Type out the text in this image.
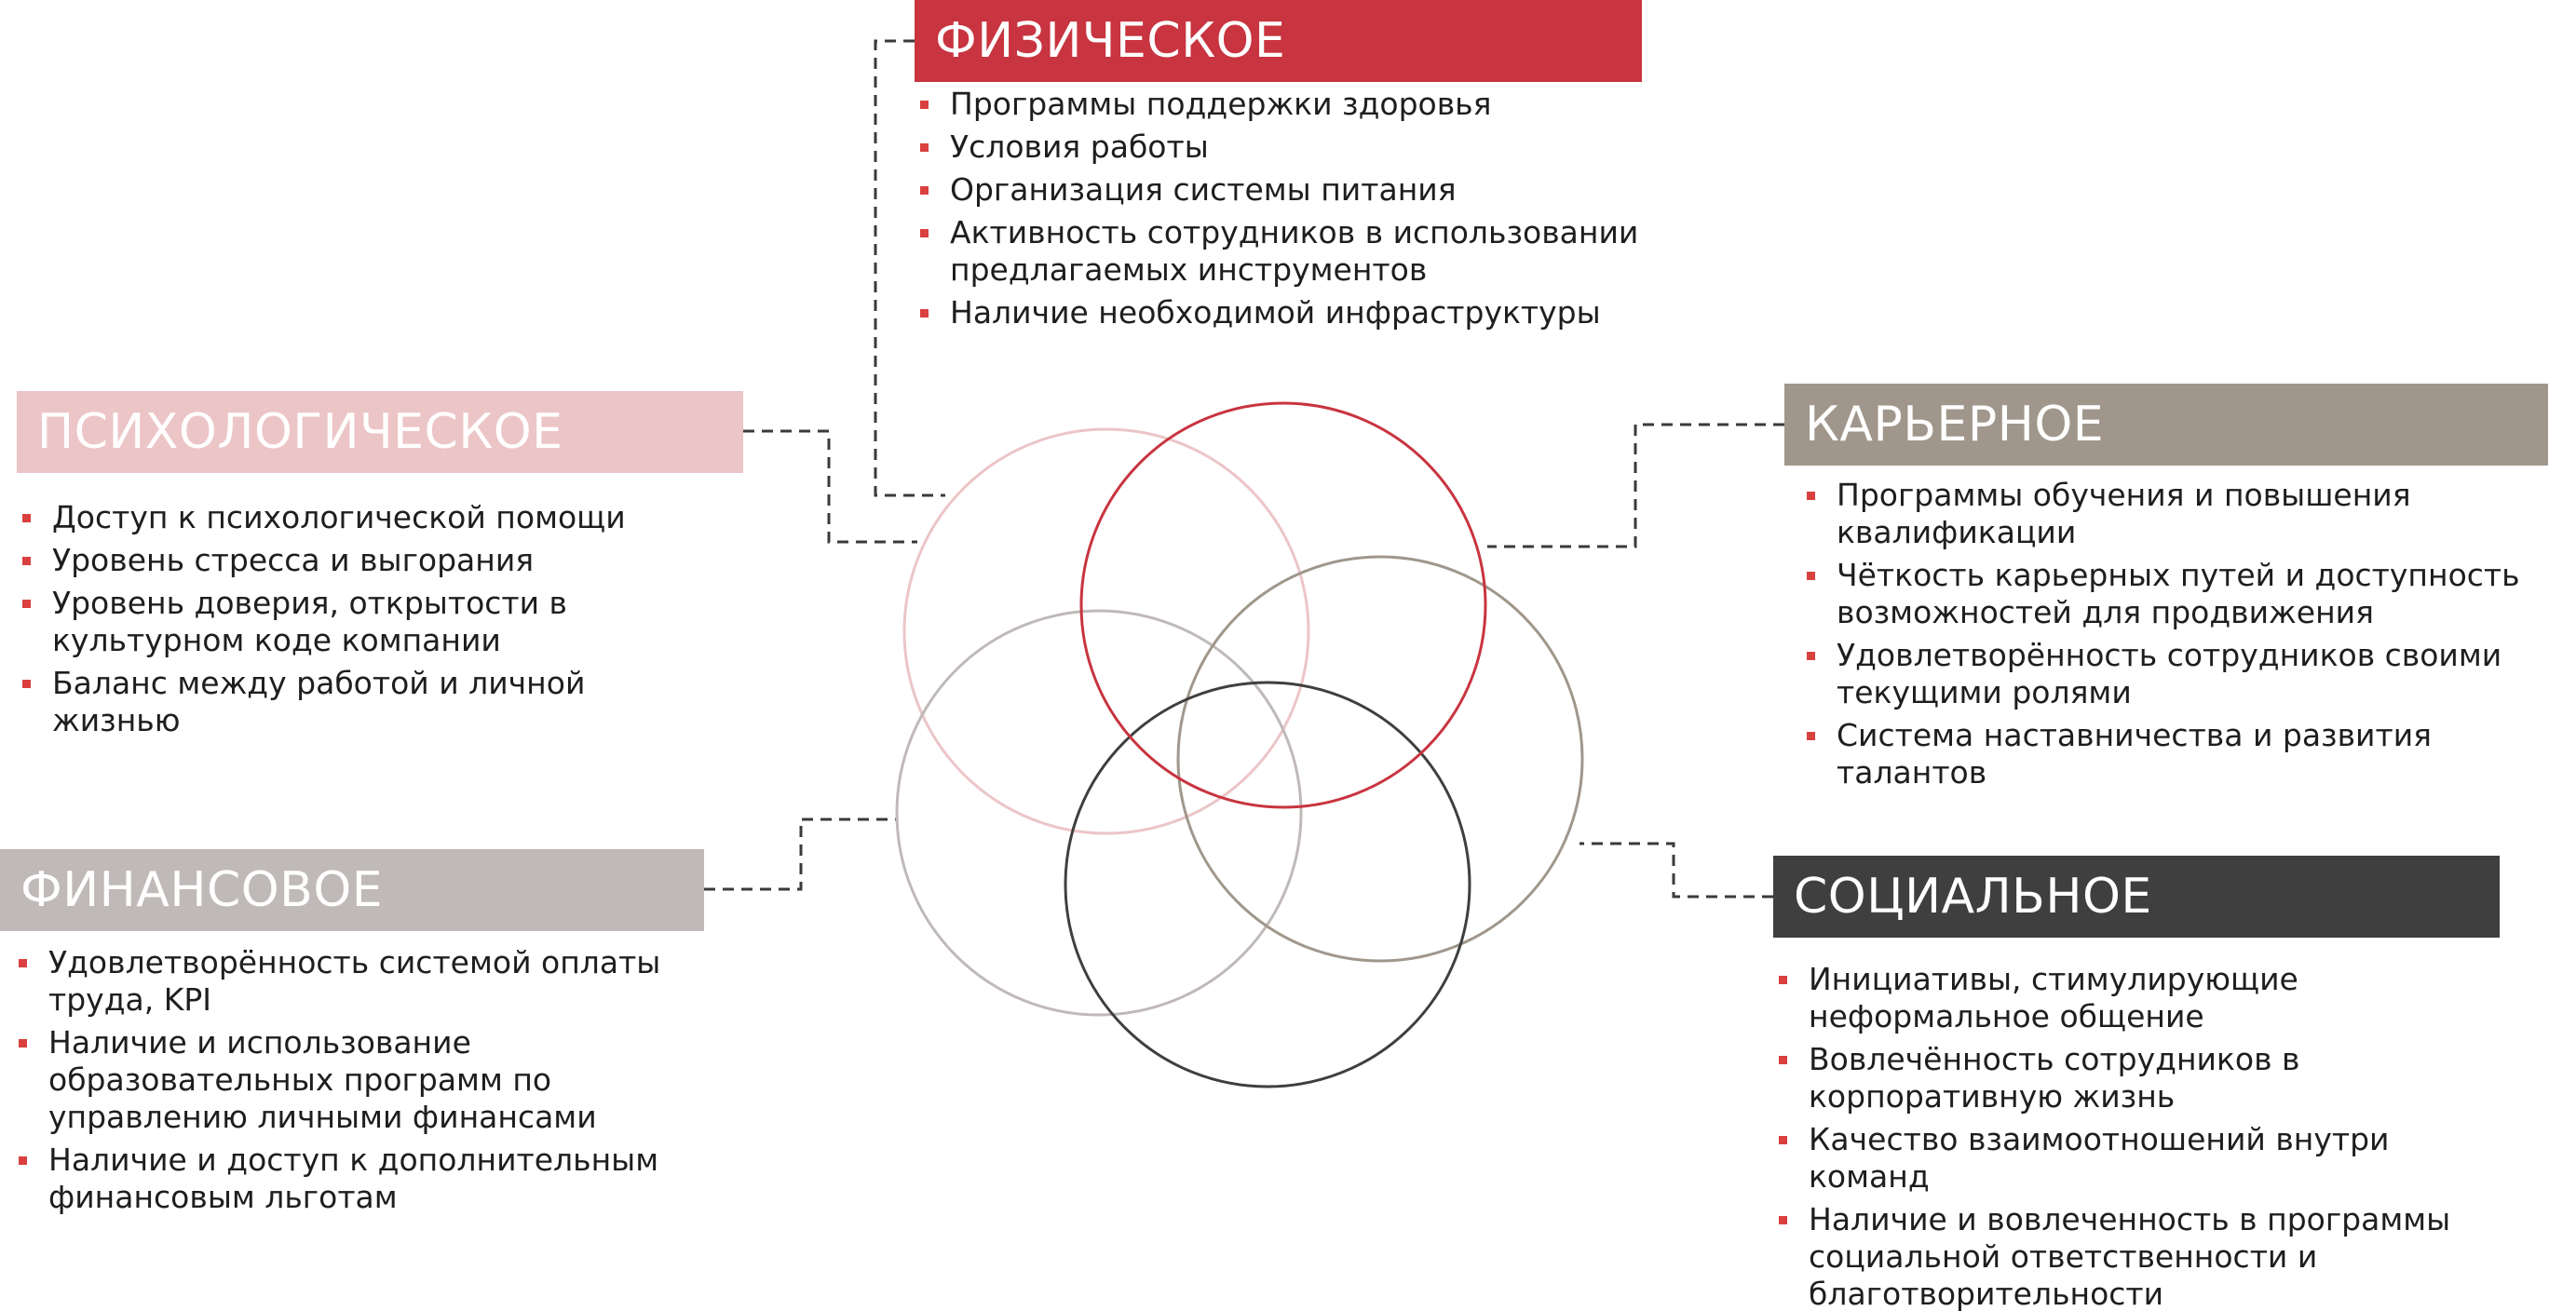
ФИЗИЧЕСКОЕ
Программы поддержки здоровья
Условия работы
Организация системы питания
Активность сотрудников в использовании предлагаемых инструментов
Наличие необходимой инфраструктуры
ПСИХОЛОГИЧЕСКОЕ
Доступ к психологической помощи
Уровень стресса и выгорания
Уровень доверия, открытости в культурном коде компании
Баланс между работой и личной жизнью
КАРЬЕРНОЕ
Программы обучения и повышения квалификации
Чёткость карьерных путей и доступность возможностей для продвижения
Удовлетворённость сотрудников своими текущими ролями
Система наставничества и развития талантов
ФИНАНСОВОЕ
Удовлетворённость системой оплаты труда, KPI
Наличие и использование образовательных программ по управлению личными финансами
Наличие и доступ к дополнительным финансовым льготам
СОЦИАЛЬНОЕ
Инициативы, стимулирующие неформальное общение
Вовлечённость сотрудников в корпоративную жизнь
Качество взаимоотношений внутри команд
Наличие и вовлеченность в программы социальной ответственности и благотворительности
